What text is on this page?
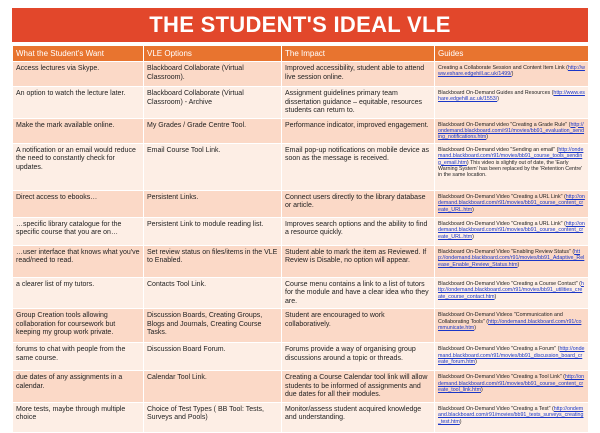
THE STUDENT'S IDEAL VLE
What the Student's Want	VLE Options	The Impact	Guides
Access lectures via Skype.	Blackboard Collaborate (Virtual Classroom).	Improved accessibility, student able to attend live session online.	Creating a Collaborate Session and Content Item Link (http://www.eshare.edgehill.ac.uk/1499/)
An option to watch the lecture later.	Blackboard Collaborate (Virtual Classroom) - Archive	Assignment guidelines primary team dissertation guidance – equitable, resources students can return to.	Blackboard On-Demand Guides and Resources (http://www.eshare.edgehill.ac.uk/1553/)
Make the mark available online.	My Grades / Grade Centre Tool.	Performance indicator, improved engagement.	Blackboard On-Demand video "Creating a Grade Rule" (http://ondemand.blackboard.com/r91/movies/bb91_evaluation_sending_notifications.htm)
A notification or an email would reduce the need to constantly check for updates.	Email Course Tool Link.	Email pop-up notifications on mobile device as soon as the message is received.	Blackboard On-Demand video "Sending an email" (http://ondemand.blackboard.com/r91/movies/bb91_course_tools_sending_email.htm) This video is slightly out of date, the 'Early Warning System' has been replaced by the 'Retention Centre' in the same location.
Direct access to ebooks…	Persistent Links.	Connect users directly to the library database or article.	Blackboard On-Demand Video "Creating a URL Link" (http://ondemand.blackboard.com/r91/movies/bb91_course_content_create_URL.htm)
…specific library catalogue for the specific course that you are on…	Persistent Link to module reading list.	Improves search options and the ability to find a resource quickly.	Blackboard On-Demand Video "Creating a URL Link" (http://ondemand.blackboard.com/r91/movies/bb91_course_content_create_URL.htm)
…user interface that knows what you've read/need to read.	Set review status on files/items in the VLE to Enabled.	Student able to mark the item as Reviewed. If Review is Disable, no option will appear.	Blackboard On-Demand Video "Enabling Review Status" (http://ondemand.blackboard.com/r91/movies/bb91_Adaptive_Release_Enable_Review_Status.htm)
a clearer list of my tutors.	Contacts Tool Link.	Course menu contains a link to a list of tutors for the module and have a clear idea who they are.	Blackboard On-Demand Video "Creating a Course Contact" (http://ondemand.blackboard.com/r91/movies/bb91_utilities_create_course_contact.htm)
Group Creation tools allowing collaboration for coursework but keeping my group work private.	Discussion Boards, Creating Groups, Blogs and Journals, Creating Course Tasks.	Student are encouraged to work collaboratively.	Blackboard On-Demand Videos "Communication and Collaborating Tools" (http://ondemand.blackboard.com/r91/communicate.htm)
forums to chat with people from the same course.	Discussion Board Forum.	Forums provide a way of organising group discussions around a topic or threads.	Blackboard On-Demand Video "Creating a Forum" (http://ondemand.blackboard.com/r91/movies/bb91_discussion_board_create_forum.htm)
due dates of any assignments in a calendar.	Calendar Tool Link.	Creating a Course Calendar tool link will allow students to be informed of assignments and due dates for all their modules.	Blackboard On-Demand Video "Creating a Tool Link" (http://ondemand.blackboard.com/r91/movies/bb91_course_content_create_tool_link.htm)
More tests, maybe through multiple choice	Choice of Test Types ( BB Tool: Tests, Surveys and Pools)	Monitor/assess student acquired knowledge and understanding.	Blackboard On-Demand Video "Creating a Test" (http://ondemand.blackboard.com/r91/movies/bb91_tests_surveys_creating_test.htm)
